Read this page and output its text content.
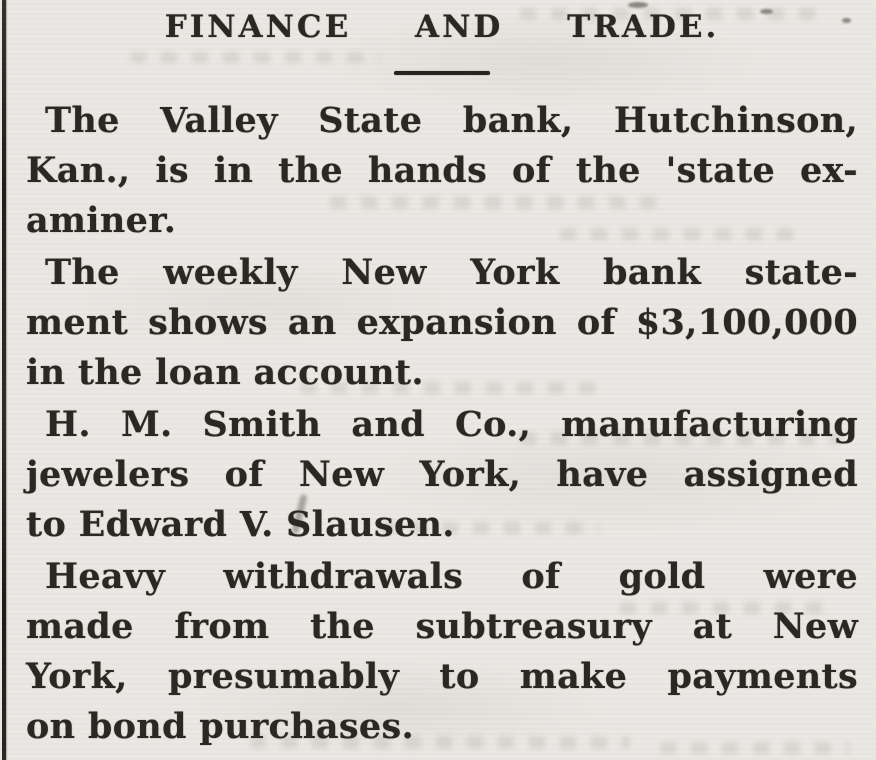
FINANCE AND TRADE.

The Valley State bank, Hutchinson,
Kan., is in the hands of the 'state ex-
aminer.

The weekly New York bank state-
ment shows an expansion of $3,100,000
in the loan account.

H. M. Smith and Co., manufacturing
jewelers of New York, have assigned
to Edward V. Slausen.

Heavy withdrawals of gold were
made from the subtreasury at New
York, presumably to make payments
on bond purchases.
